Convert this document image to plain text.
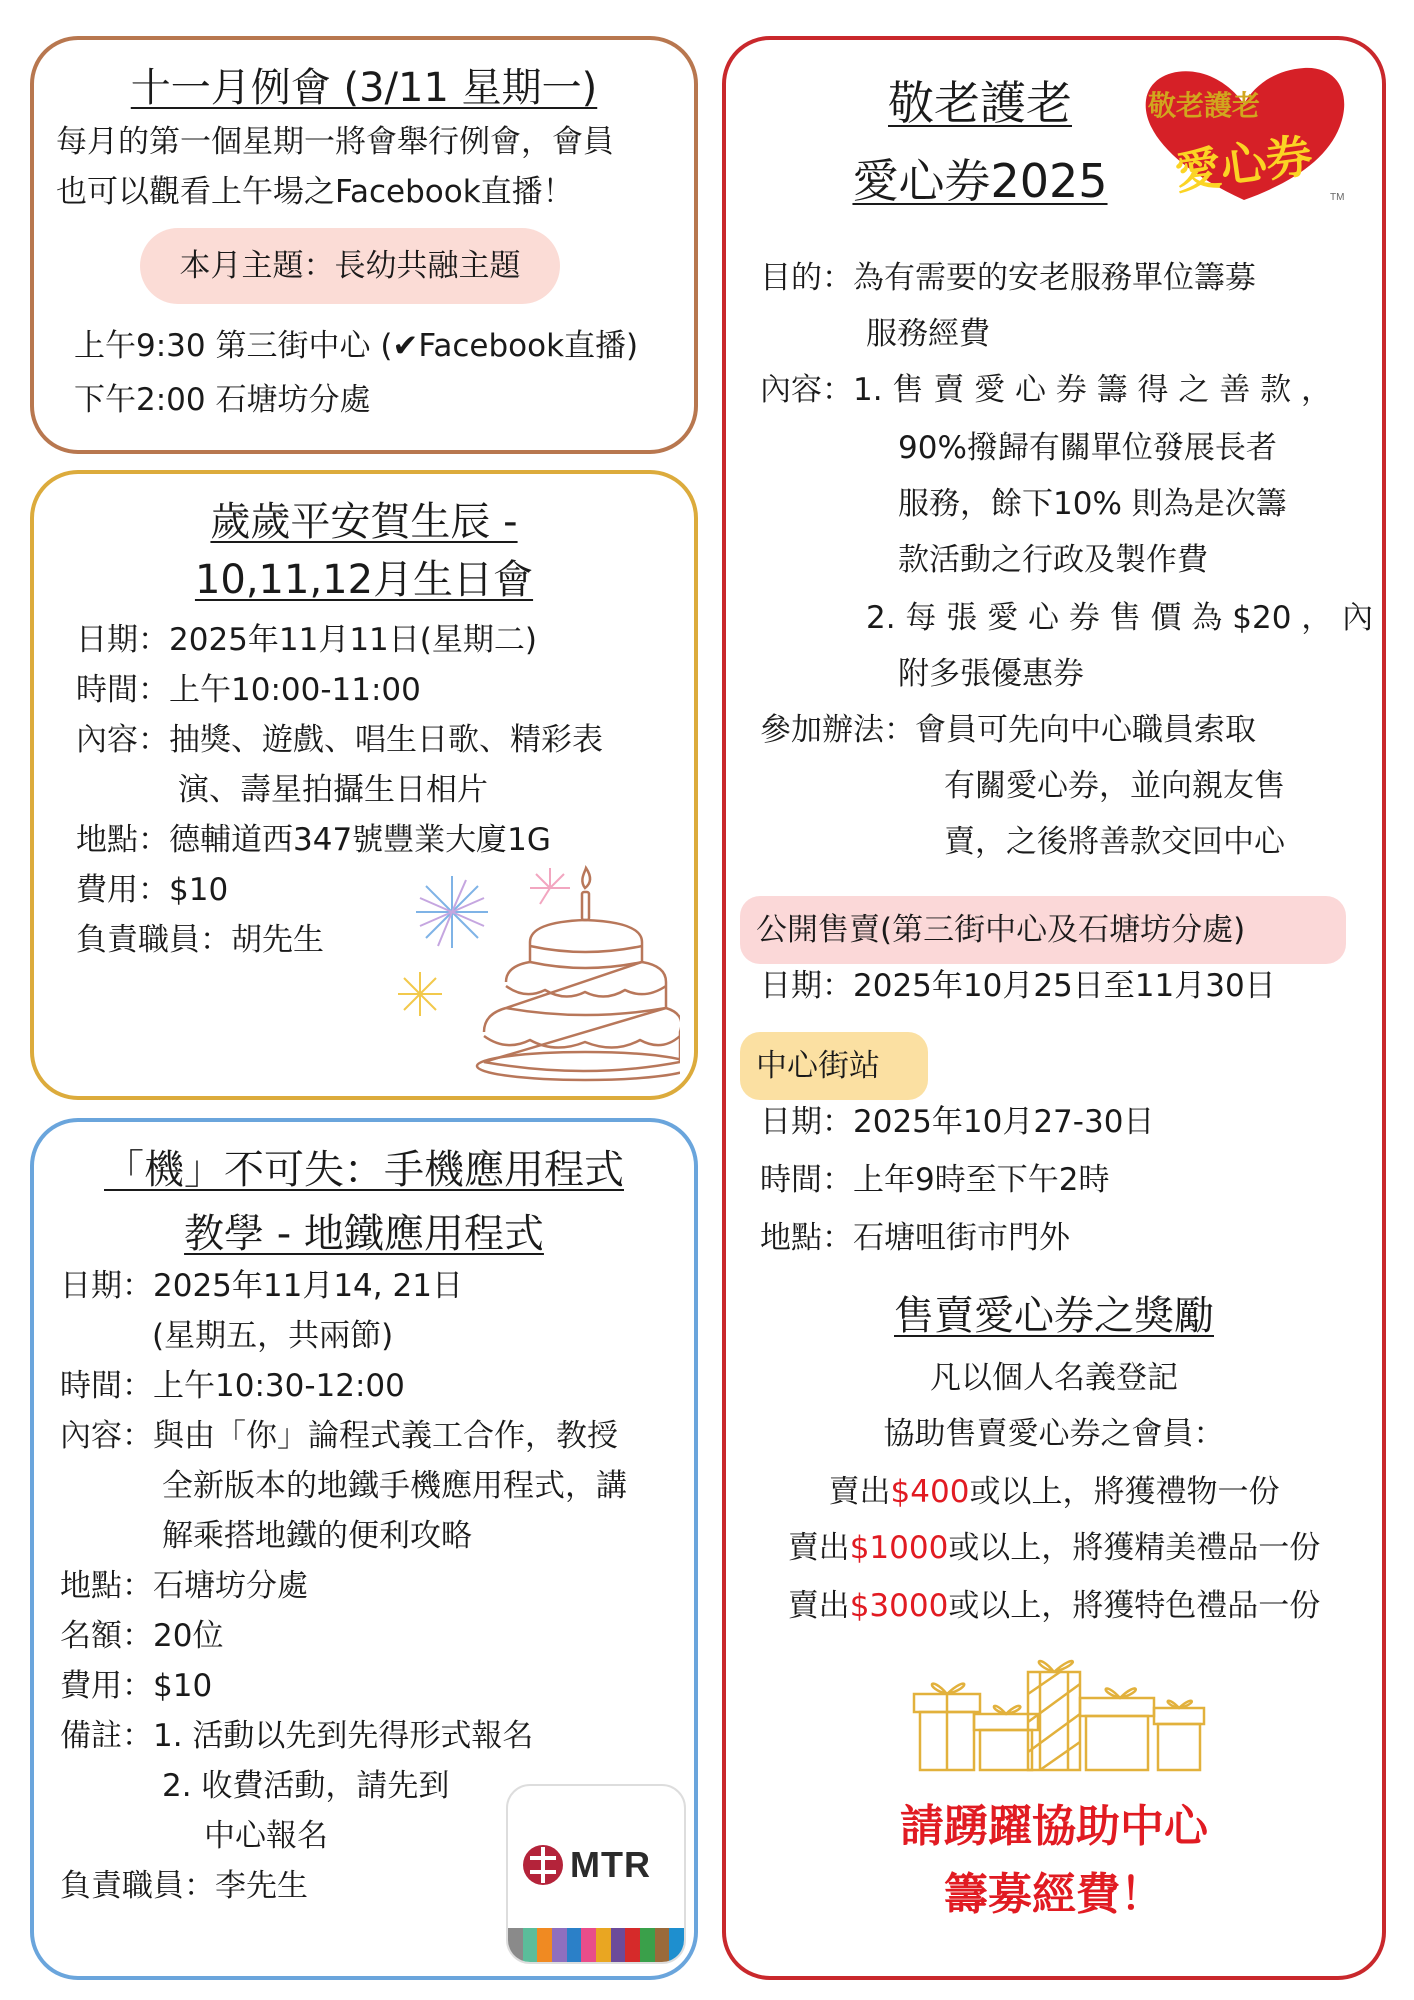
十一月例會 (3/11 星期一)
每月的第一個星期一將會舉行例會，會員
也可以觀看上午場之Facebook直播！
本月主題：長幼共融主題
上午9:30 第三街中心 (✔Facebook直播)
下午2:00 石塘坊分處
歲歲平安賀生辰 -
10,11,12月生日會
日期：2025年11月11日(星期二)
時間：上午10:00-11:00
內容：抽獎、遊戲、唱生日歌、精彩表
演、壽星拍攝生日相片
地點：德輔道西347號豐業大廈1G
費用：$10
負責職員：胡先生
「機」不可失：手機應用程式
教學 - 地鐵應用程式
日期：2025年11月14, 21日
(星期五，共兩節)
時間：上午10:30-12:00
內容：與由「你」論程式義工合作，教授
全新版本的地鐵手機應用程式，講
解乘搭地鐵的便利攻略
地點：石塘坊分處
名額：20位
費用：$10
備註：1. 活動以先到先得形式報名
2. 收費活動，請先到
中心報名
負責職員：李先生
MTR
敬老護老
愛心券2025	TM
敬老護老
愛心券
目的：為有需要的安老服務單位籌募
服務經費
內容：1. 售 賣 愛 心 券 籌 得 之 善 款 ，
90%撥歸有關單位發展長者
服務，餘下10% 則為是次籌
款活動之行政及製作費
2. 每 張 愛 心 券 售 價 為 $20 ， 內
附多張優惠券
參加辦法：會員可先向中心職員索取
有關愛心券，並向親友售
賣，之後將善款交回中心
公開售賣(第三街中心及石塘坊分處)
日期：2025年10月25日至11月30日
中心街站
日期：2025年10月27-30日
時間：上年9時至下午2時
地點：石塘咀街市門外
售賣愛心券之獎勵
凡以個人名義登記
協助售賣愛心券之會員：
賣出$400或以上，將獲禮物一份
賣出$1000或以上，將獲精美禮品一份
賣出$3000或以上，將獲特色禮品一份
請踴躍協助中心
籌募經費！
